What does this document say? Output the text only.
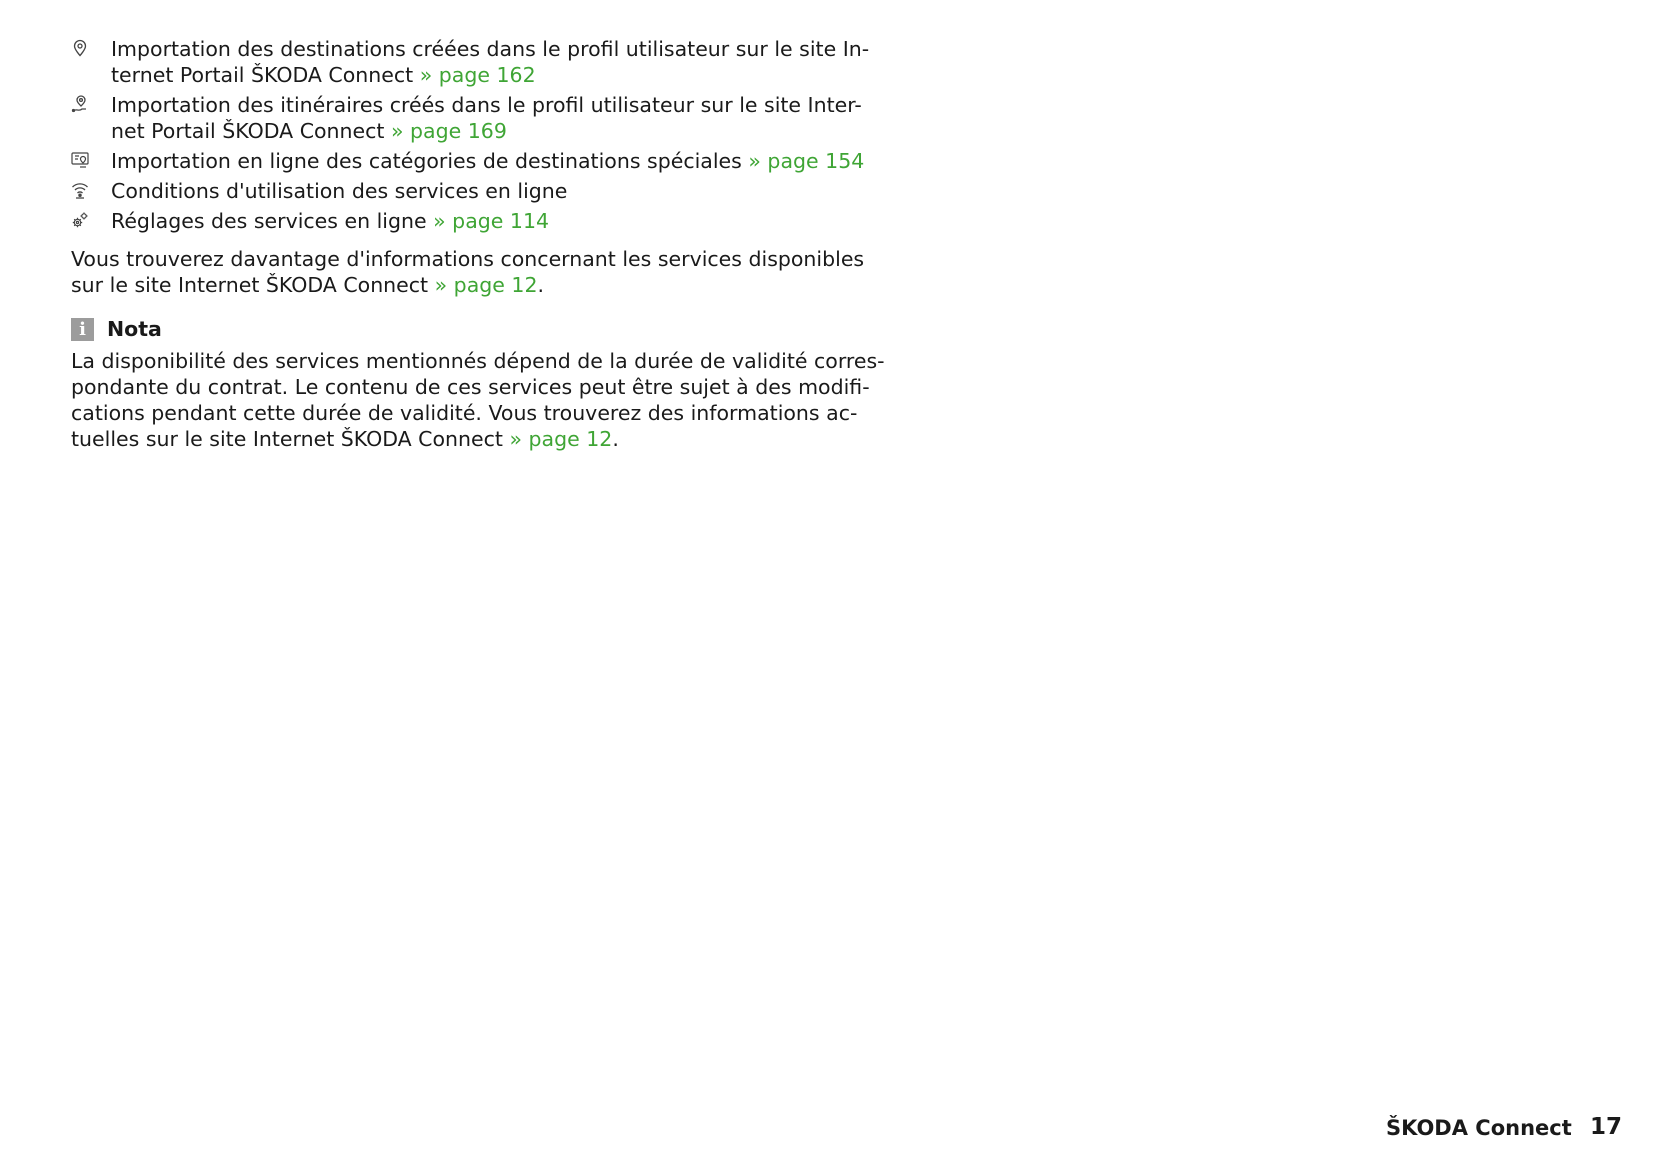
Importation des destinations créées dans le profil utilisateur sur le site In-
ternet Portail ŠKODA Connect » page 162
Importation des itinéraires créés dans le profil utilisateur sur le site Inter-
net Portail ŠKODA Connect » page 169
Importation en ligne des catégories de destinations spéciales » page 154
Conditions d'utilisation des services en ligne
Réglages des services en ligne » page 114
Vous trouverez davantage d'informations concernant les services disponibles
sur le site Internet ŠKODA Connect » page 12.
i	Nota
La disponibilité des services mentionnés dépend de la durée de validité corres-
pondante du contrat. Le contenu de ces services peut être sujet à des modifi-
cations pendant cette durée de validité. Vous trouverez des informations ac-
tuelles sur le site Internet ŠKODA Connect » page 12.
ŠKODA Connect 17
